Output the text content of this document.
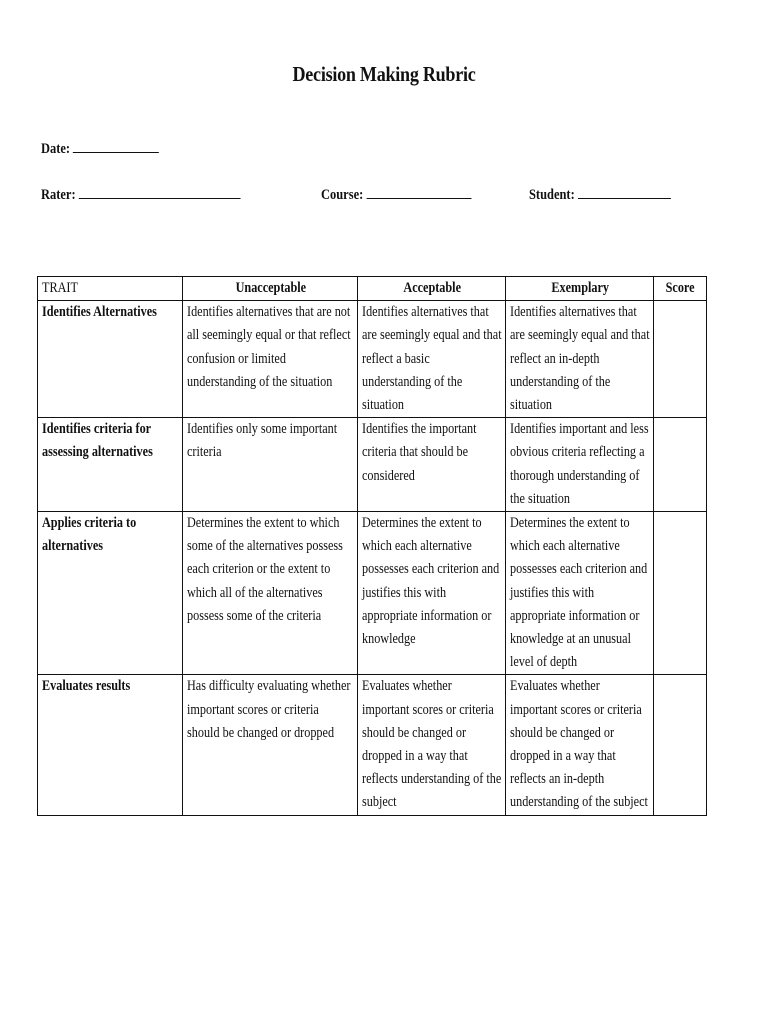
Decision Making Rubric
Date:
Rater:	Course:	Student:
TRAIT	Unacceptable	Acceptable	Exemplary	Score

Identifies Alternatives	Identifies alternatives that are not all seemingly equal or that reflect confusion or limited understanding of the situation	Identifies alternatives that are seemingly equal and that reflect a basic understanding of the situation	Identifies alternatives that are seemingly equal and that reflect an in-depth understanding of the situation	

Identifies criteria for assessing alternatives	Identifies only some important criteria	Identifies the important criteria that should be considered	Identifies important and less obvious criteria reflecting a thorough understanding of the situation	

Applies criteria to alternatives	Determines the extent to which some of the alternatives possess each criterion or the extent to which all of the alternatives possess some of the criteria	Determines the extent to which each alternative possesses each criterion and justifies this with appropriate information or knowledge	Determines the extent to which each alternative possesses each criterion and justifies this with appropriate information or knowledge at an unusual level of depth	

Evaluates results	Has difficulty evaluating whether important scores or criteria should be changed or dropped	Evaluates whether important scores or criteria should be changed or dropped in a way that reflects understanding of the subject	Evaluates whether important scores or criteria should be changed or dropped in a way that reflects an in-depth understanding of the subject	
